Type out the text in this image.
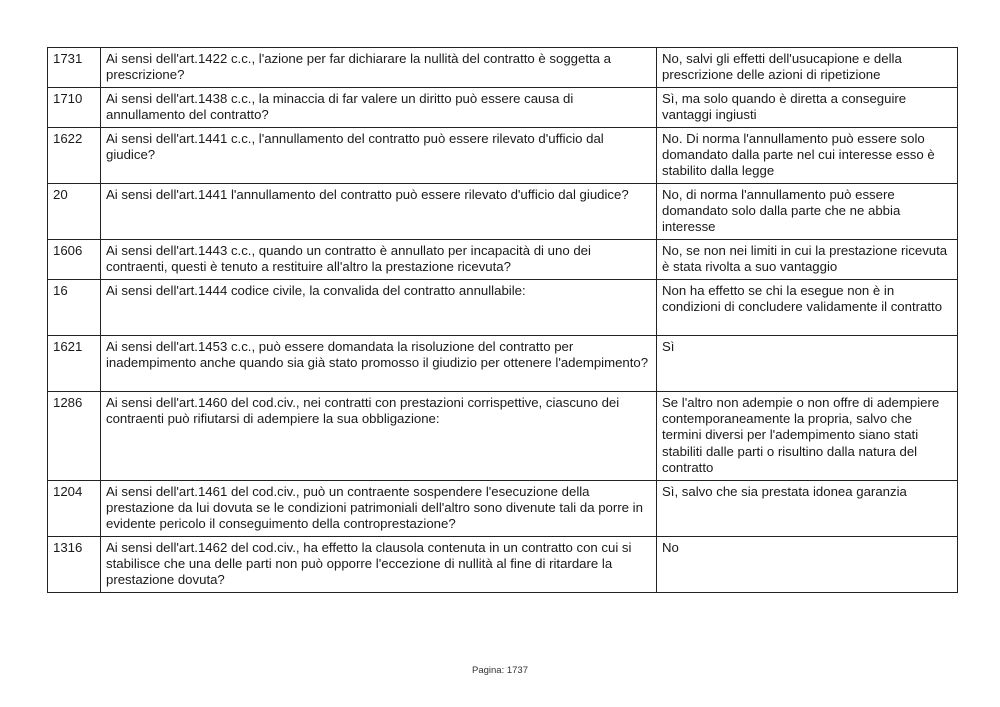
1731	Ai sensi dell'art.1422 c.c., l'azione per far dichiarare la nullità del contratto è soggetta a prescrizione?	No, salvi gli effetti dell'usucapione e della prescrizione delle azioni di ripetizione
1710	Ai sensi dell'art.1438 c.c., la minaccia di far valere un diritto può essere causa di annullamento del contratto?	Sì, ma solo quando è diretta a conseguire vantaggi ingiusti
1622	Ai sensi dell'art.1441 c.c., l'annullamento del contratto può essere rilevato d'ufficio dal giudice?	No. Di norma l'annullamento può essere solo domandato dalla parte nel cui interesse esso è stabilito dalla legge
20	Ai sensi dell'art.1441 l'annullamento del contratto può essere rilevato d'ufficio dal giudice?	No, di norma l'annullamento può essere domandato solo dalla parte che ne abbia interesse
1606	Ai sensi dell'art.1443 c.c., quando un contratto è annullato per incapacità di uno dei contraenti, questi è tenuto a restituire all'altro la prestazione ricevuta?	No, se non nei limiti in cui la prestazione ricevuta è stata rivolta a suo vantaggio
16	Ai sensi dell'art.1444 codice civile, la convalida del contratto annullabile:	Non ha effetto se chi la esegue non è in condizioni di concludere validamente il contratto
1621	Ai sensi dell'art.1453 c.c., può essere domandata la risoluzione del contratto per inadempimento anche quando sia già stato promosso il giudizio per ottenere l'adempimento?	Sì
1286	Ai sensi dell'art.1460 del cod.civ., nei contratti con prestazioni corrispettive, ciascuno dei contraenti può rifiutarsi di adempiere la sua obbligazione:	Se l'altro non adempie o non offre di adempiere contemporaneamente la propria, salvo che termini diversi per l'adempimento siano stati stabiliti dalle parti o risultino dalla natura del contratto
1204	Ai sensi dell'art.1461 del cod.civ., può un contraente sospendere l'esecuzione della prestazione da lui dovuta se le condizioni patrimoniali dell'altro sono divenute tali da porre in evidente pericolo il conseguimento della controprestazione?	Sì, salvo che sia prestata idonea garanzia
1316	Ai sensi dell'art.1462 del cod.civ., ha effetto la clausola contenuta in un contratto con cui si stabilisce che una delle parti non può opporre l'eccezione di nullità al fine di ritardare la prestazione dovuta?	No
Pagina: 1737
